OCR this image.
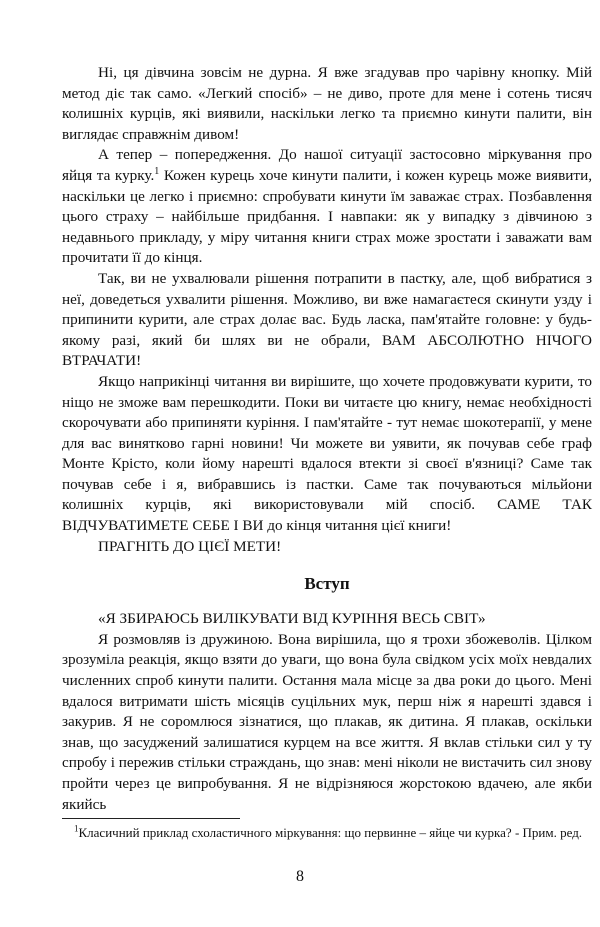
Ні, ця дівчина зовсім не дурна. Я вже згадував про чарівну кнопку. Мій метод діє так само. «Легкий спосіб» – не диво, проте для мене і сотень тисяч колишніх курців, які виявили, наскільки легко та приємно кинути палити, він виглядає справжнім дивом!

А тепер – попередження. До нашої ситуації застосовно міркування про яйця та курку.$^1$ Кожен курець хоче кинути палити, і кожен курець може виявити, наскільки це легко і приємно: спробувати кинути їм заважає страх. Позбавлення цього страху – найбільше придбання. І навпаки: як у випадку з дівчиною з недавнього прикладу, у міру читання книги страх може зростати і заважати вам прочитати її до кінця.

Так, ви не ухвалювали рішення потрапити в пастку, але, щоб вибратися з неї, доведеться ухвалити рішення. Можливо, ви вже намагаєтеся скинути узду і припинити курити, але страх долає вас. Будь ласка, пам'ятайте головне: у будь-якому разі, який би шлях ви не обрали, ВАМ АБСОЛЮТНО НІЧОГО ВТРАЧАТИ!

Якщо наприкінці читання ви вирішите, що хочете продовжувати курити, то ніщо не зможе вам перешкодити. Поки ви читаєте цю книгу, немає необхідності скорочувати або припиняти куріння. І пам'ятайте - тут немає шокотерапії, у мене для вас винятково гарні новини! Чи можете ви уявити, як почував себе граф Монте Крісто, коли йому нарешті вдалося втекти зі своєї в'язниці? Саме так почував себе і я, вибравшись із пастки. Саме так почуваються мільйони колишніх курців, які використовували мій спосіб. САМЕ ТАК ВІДЧУВАТИМЕТЕ СЕБЕ І ВИ до кінця читання цієї книги!

ПРАГНІТЬ ДО ЦІЄЇ МЕТИ!

Вступ

«Я ЗБИРАЮСЬ ВИЛІКУВАТИ ВІД КУРІННЯ ВЕСЬ СВІТ»

Я розмовляв із дружиною. Вона вирішила, що я трохи збожеволів. Цілком зрозуміла реакція, якщо взяти до уваги, що вона була свідком усіх моїх невдалих численних спроб кинути палити. Остання мала місце за два роки до цього. Мені вдалося витримати шість місяців суцільних мук, перш ніж я нарешті здався і закурив. Я не соромлюся зізнатися, що плакав, як дитина. Я плакав, оскільки знав, що засуджений залишатися курцем на все життя. Я вклав стільки сил у ту спробу і пережив стільки страждань, що знав: мені ніколи не вистачить сил знову пройти через це випробування. Я не відрізняюся жорстокою вдачею, але якби якийсь

$^1$Класичний приклад схоластичного міркування: що первинне – яйце чи курка? - Прим. ред.

8
